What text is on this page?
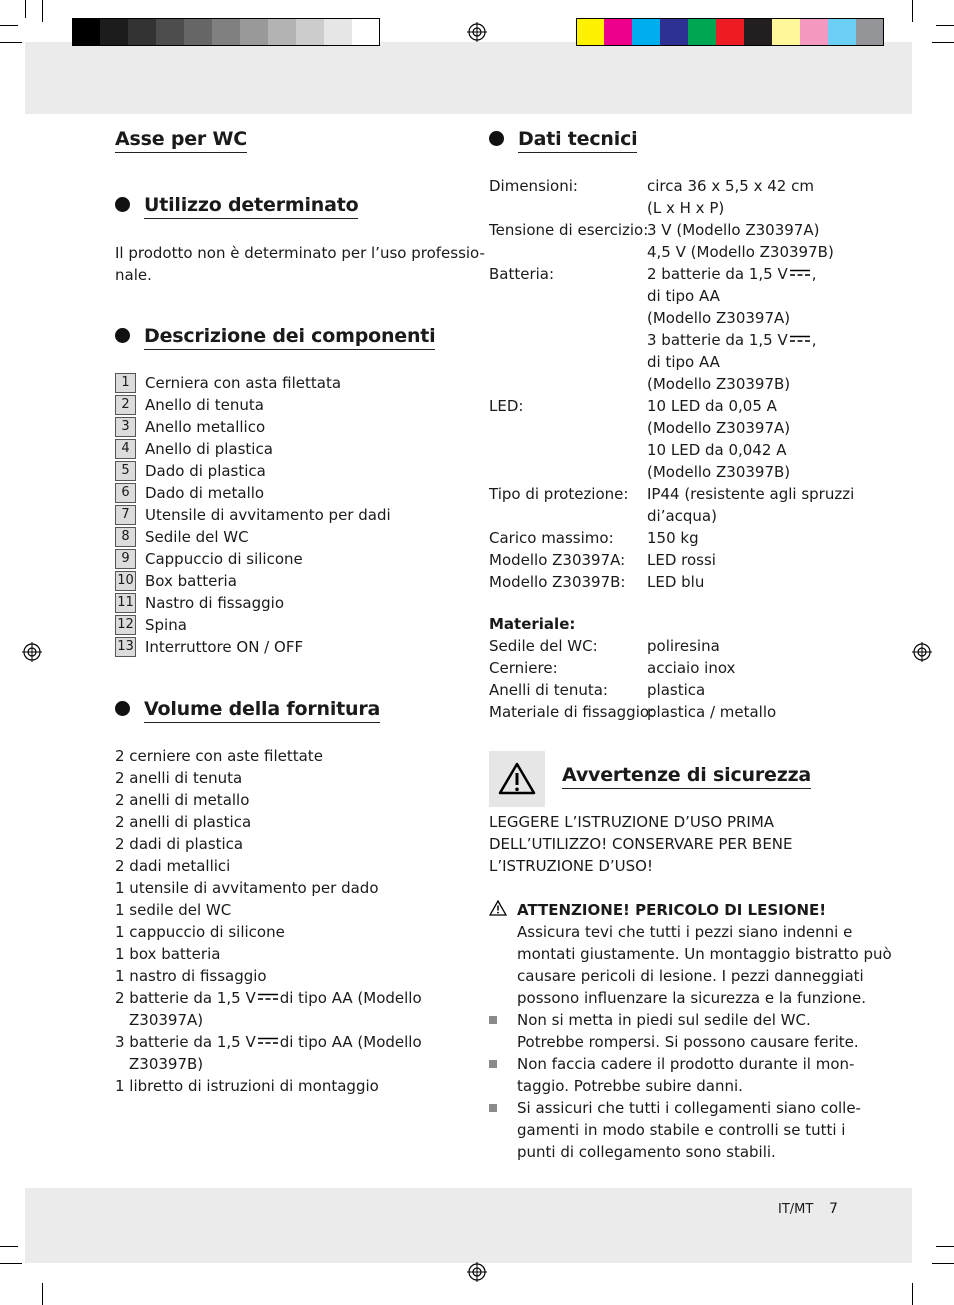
Asse per WC
Utilizzo determinato
Il prodotto non è determinato per l’uso professio-
nale.
Descrizione dei componenti
1 Cerniera con asta filettata
2 Anello di tenuta
3 Anello metallico
4 Anello di plastica
5 Dado di plastica
6 Dado di metallo
7 Utensile di avvitamento per dadi
8 Sedile del WC
9 Cappuccio di silicone
10 Box batteria
11 Nastro di fissaggio
12 Spina
13 Interruttore ON / OFF
Volume della fornitura
2 cerniere con aste filettate
2 anelli di tenuta
2 anelli di metallo
2 anelli di plastica
2 dadi di plastica
2 dadi metallici
1 utensile di avvitamento per dado
1 sedile del WC
1 cappuccio di silicone
1 box batteria
1 nastro di fissaggio
2 batterie da 1,5 V di tipo AA (Modello
Z30397A)
3 batterie da 1,5 V di tipo AA (Modello
Z30397B)
1 libretto di istruzioni di montaggio
Dati tecnici
Dimensioni:	circa 36 x 5,5 x 42 cm
(L x H x P)
Tensione di esercizio:
3 V (Modello Z30397A)
4,5 V (Modello Z30397B)
Batteria:	2 batterie da 1,5 V ,
di tipo AA
(Modello Z30397A)
3 batterie da 1,5 V ,
di tipo AA
(Modello Z30397B)
LED:	10 LED da 0,05 A
(Modello Z30397A)
10 LED da 0,042 A
(Modello Z30397B)
Tipo di protezione: IP44 (resistente agli spruzzi
di’acqua)
Carico massimo: 150 kg
Modello Z30397A: LED rossi
Modello Z30397B: LED blu
Materiale:
Sedile del WC:	poliresina
Cerniere:	acciaio inox
Anelli di tenuta:	plastica
Materiale di fissaggio:
plastica / metallo
Avvertenze di sicurezza
LEGGERE L’ISTRUZIONE D’USO PRIMA
DELL’UTILIZZO! CONSERVARE PER BENE
L’ISTRUZIONE D’USO!
ATTENZIONE! PERICOLO DI LESIONE!
Assicura tevi che tutti i pezzi siano indenni e
montati giustamente. Un montaggio bistratto può
causare pericoli di lesione. I pezzi danneggiati
possono influenzare la sicurezza e la funzione.
Non si metta in piedi sul sedile del WC.
Potrebbe rompersi. Si possono causare ferite.
Non faccia cadere il prodotto durante il mon-
taggio. Potrebbe subire danni.
Si assicuri che tutti i collegamenti siano colle-
gamenti in modo stabile e controlli se tutti i
punti di collegamento sono stabili.
IT/MT 7
